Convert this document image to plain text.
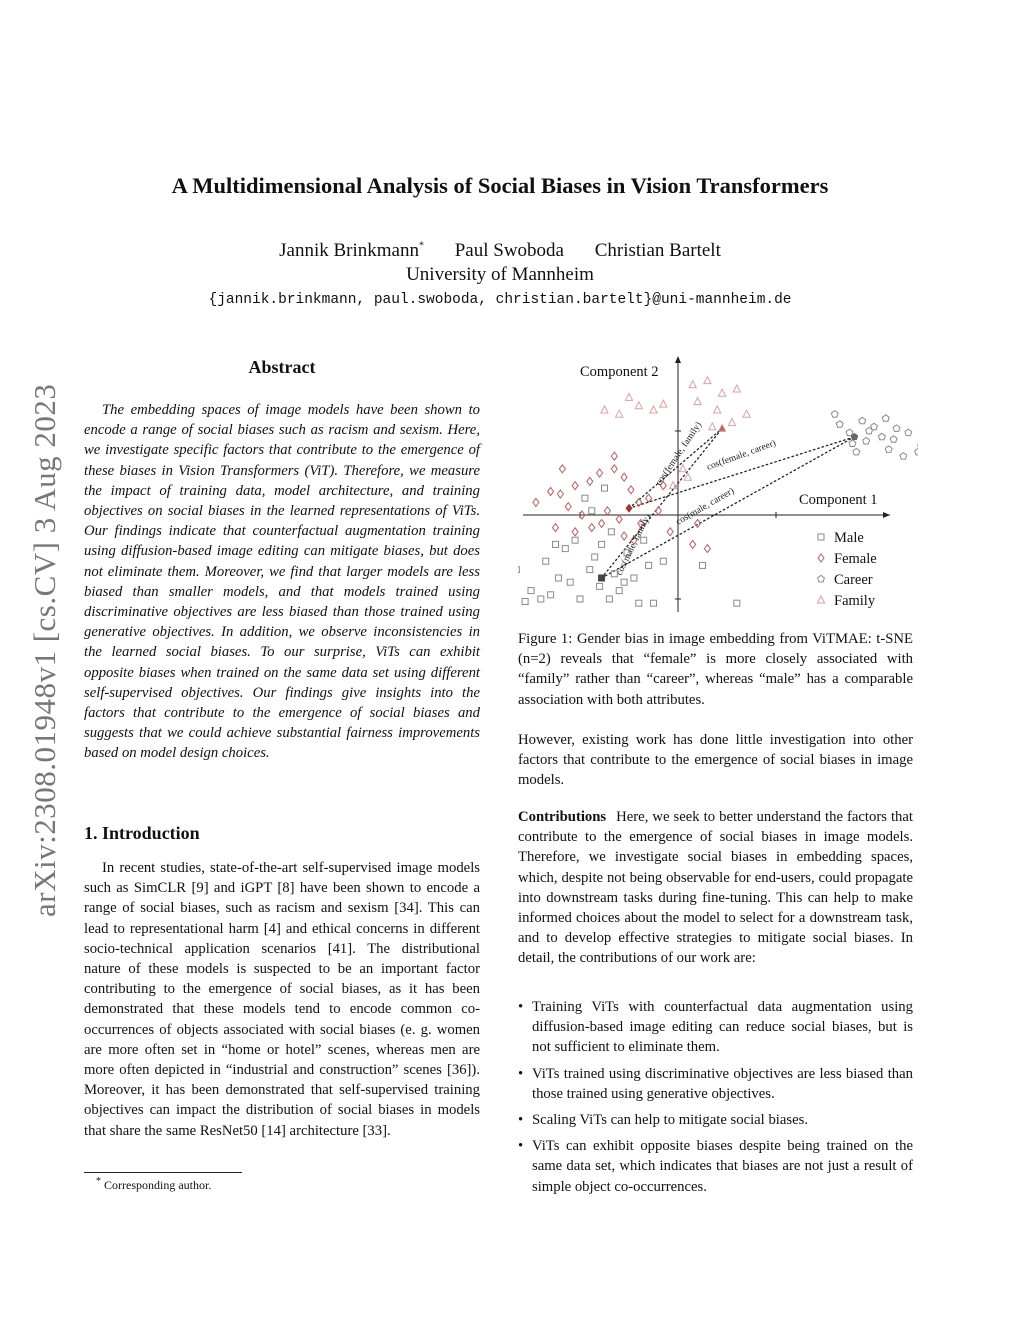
arXiv:2308.01948v1 [cs.CV] 3 Aug 2023
A Multidimensional Analysis of Social Biases in Vision Transformers
Jannik Brinkmann* Paul Swoboda Christian Bartelt
University of Mannheim
{jannik.brinkmann, paul.swoboda, christian.bartelt}@uni-mannheim.de
Abstract
The embedding spaces of image models have been shown to encode a range of social biases such as racism and sexism. Here, we investigate specific factors that contribute to the emergence of these biases in Vision Transformers (ViT). Therefore, we measure the impact of training data, model architecture, and training objectives on social biases in the learned representations of ViTs. Our findings indicate that counterfactual augmentation training using diffusion-based image editing can mitigate biases, but does not eliminate them. Moreover, we find that larger models are less biased than smaller models, and that models trained using discriminative objectives are less biased than those trained using generative objectives. In addition, we observe inconsistencies in the learned social biases. To our surprise, ViTs can exhibit opposite biases when trained on the same data set using different self-supervised objectives. Our findings give insights into the factors that contribute to the emergence of social biases and suggests that we could achieve substantial fairness improvements based on model design choices.
1. Introduction
In recent studies, state-of-the-art self-supervised image models such as SimCLR [9] and iGPT [8] have been shown to encode a range of social biases, such as racism and sexism [34]. This can lead to representational harm [4] and ethical concerns in different socio-technical application scenarios [41]. The distributional nature of these models is suspected to be an important factor contributing to the emergence of social biases, as it has been demonstrated that these models tend to encode common co-occurrences of objects associated with social biases (e. g. women are more often set in “home or hotel” scenes, whereas men are more often depicted in “industrial and construction” scenes [36]). Moreover, it has been demonstrated that self-supervised training objectives can impact the distribution of social biases in models that share the same ResNet50 [14] architecture [33].
* Corresponding author.
Component 2
Component 1
cos(female, family) cos(female, career)
cos(male, family)
cos(male, career)
Male
Female
Career
Family
Figure 1: Gender bias in image embedding from ViTMAE: t-SNE (n=2) reveals that “female” is more closely associated with “family” rather than “career”, whereas “male” has a comparable association with both attributes.
However, existing work has done little investigation into other factors that contribute to the emergence of social biases in image models.
Contributions Here, we seek to better understand the factors that contribute to the emergence of social biases in image models. Therefore, we investigate social biases in embedding spaces, which, despite not being observable for end-users, could propagate into downstream tasks during fine-tuning. This can help to make informed choices about the model to select for a downstream task, and to develop effective strategies to mitigate social biases. In detail, the contributions of our work are:
• Training ViTs with counterfactual data augmentation using diffusion-based image editing can reduce social biases, but is not sufficient to eliminate them.
• ViTs trained using discriminative objectives are less biased than those trained using generative objectives.
• Scaling ViTs can help to mitigate social biases.
• ViTs can exhibit opposite biases despite being trained on the same data set, which indicates that biases are not just a result of simple object co-occurrences.
